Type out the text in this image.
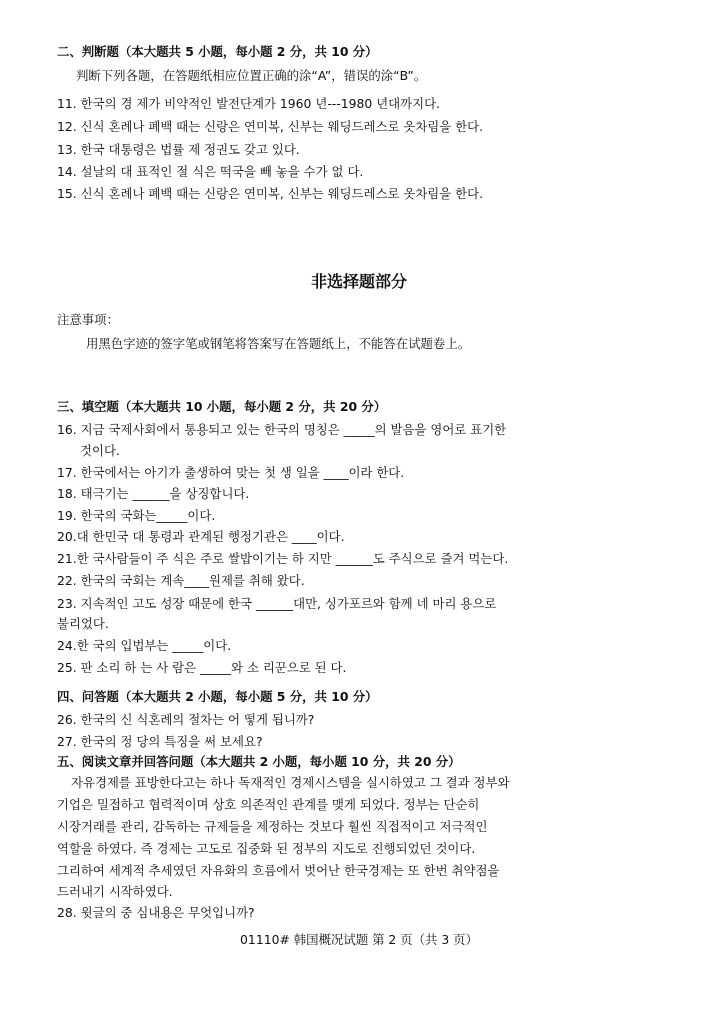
二、判断题（本大题共 5 小题，每小题 2 分，共 10 分）
判断下列各题，在答题纸相应位置正确的涂“A”，错误的涂“B”。
11. 한국의 경 제가 비약적인 발전단계가 1960 년---1980 년대까지다.
12. 신식 혼례나 폐백 때는 신랑은 연미복, 신부는 웨딩드레스로 옷차림을 한다.
13. 한국 대통령은 법률 제 정권도 갖고 있다.
14. 설날의 대 표적인 절 식은 떡국을 빼 놓을 수가 없 다.
15. 신식 혼례나 폐백 때는 신랑은 연미복, 신부는 웨딩드레스로 옷차림을 한다.
非选择题部分
注意事项：
用黑色字迹的签字笔或钢笔将答案写在答题纸上，不能答在试题卷上。
三、填空题（本大题共 10 小题，每小题 2 分，共 20 分）
16. 지금 국제사회에서 통용되고 있는 한국의 명칭은 _____의 발음을 영어로 표기한
것이다.
17. 한국에서는 아기가 출생하여 맞는 첫 생 일을 ____이라 한다.
18. 태극기는 ______을 상징합니다.
19. 한국의 국화는_____이다.
20.대 한민국 대 통령과 관계된 행정기관은 ____이다.
21.한 국사람들이 주 식은 주로 쌀밥이기는 하 지만 ______도 주식으로 즐겨 먹는다.
22. 한국의 국회는 계속____원제를 취해 왔다.
23. 지속적인 고도 성장 때문에 한국 ______대만, 싱가포르와 함께 네 마리 용으로
불리었다.
24.한 국의 입법부는 _____이다.
25. 판 소리 하 는 사 람은 _____와 소 리꾼으로 된 다.
四、问答题（本大题共 2 小题，每小题 5 分，共 10 分）
26. 한국의 신 식혼례의 절차는 어 떻게 됩니까?
27. 한국의 정 당의 특징을 써 보세요?
五、阅读文章并回答问题（本大题共 2 小题，每小题 10 分，共 20 分）
자유경제를 표방한다고는 하나 독재적인 경제시스템을 실시하였고 그 결과 정부와
기업은 밀접하고 협력적이며 상호 의존적인 관계를 맺게 되었다. 정부는 단순히
시장거래를 관리, 감독하는 규제들을 제정하는 것보다 훨씬 직접적이고 저극적인
역할을 하였다. 즉 경제는 고도로 집중화 된 정부의 지도로 진행되었던 것이다.
그리하여 세계적 추세였던 자유화의 흐름에서 벗어난 한국경제는 또 한번 취약점을
드러내기 시작하였다.
28. 윗글의 중 심내용은 무엇입니까?
01110# 韩国概况试题 第 2 页（共 3 页）
